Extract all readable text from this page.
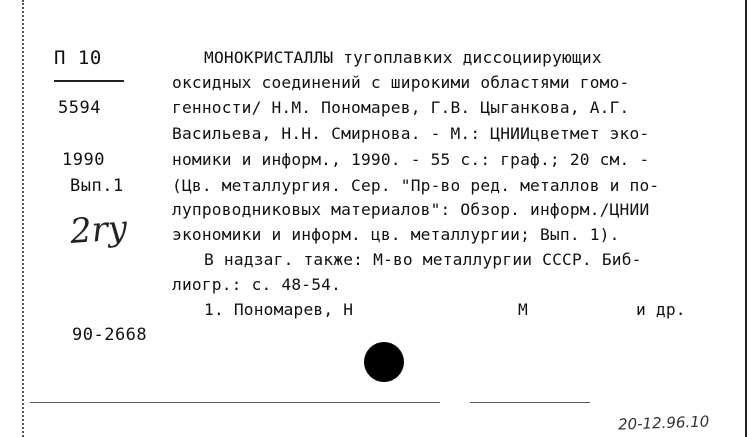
П 10
5594
1990
Вып.1
2ry
90-2668
МОНОКРИСТАЛЛЫ тугоплавких диссоциирующих
оксидных соединений с широкими областями гомо-
генности/ Н.М. Пономарев, Г.В. Цыганкова, А.Г.
Васильева, Н.Н. Смирнова. - М.: ЦНИИцветмет эко-
номики и информ., 1990. - 55 с.: граф.; 20 см. -
(Цв. металлургия. Сер. "Пр-во ред. металлов и по-
лупроводниковых материалов": Обзор. информ./ЦНИИ
экономики и информ. цв. металлургии; Вып. 1).
В надзаг. также: М-во металлургии СССР. Биб-
лиогр.: с. 48-54.
1. Пономарев, Н	М	и др.
20-12.96.10
